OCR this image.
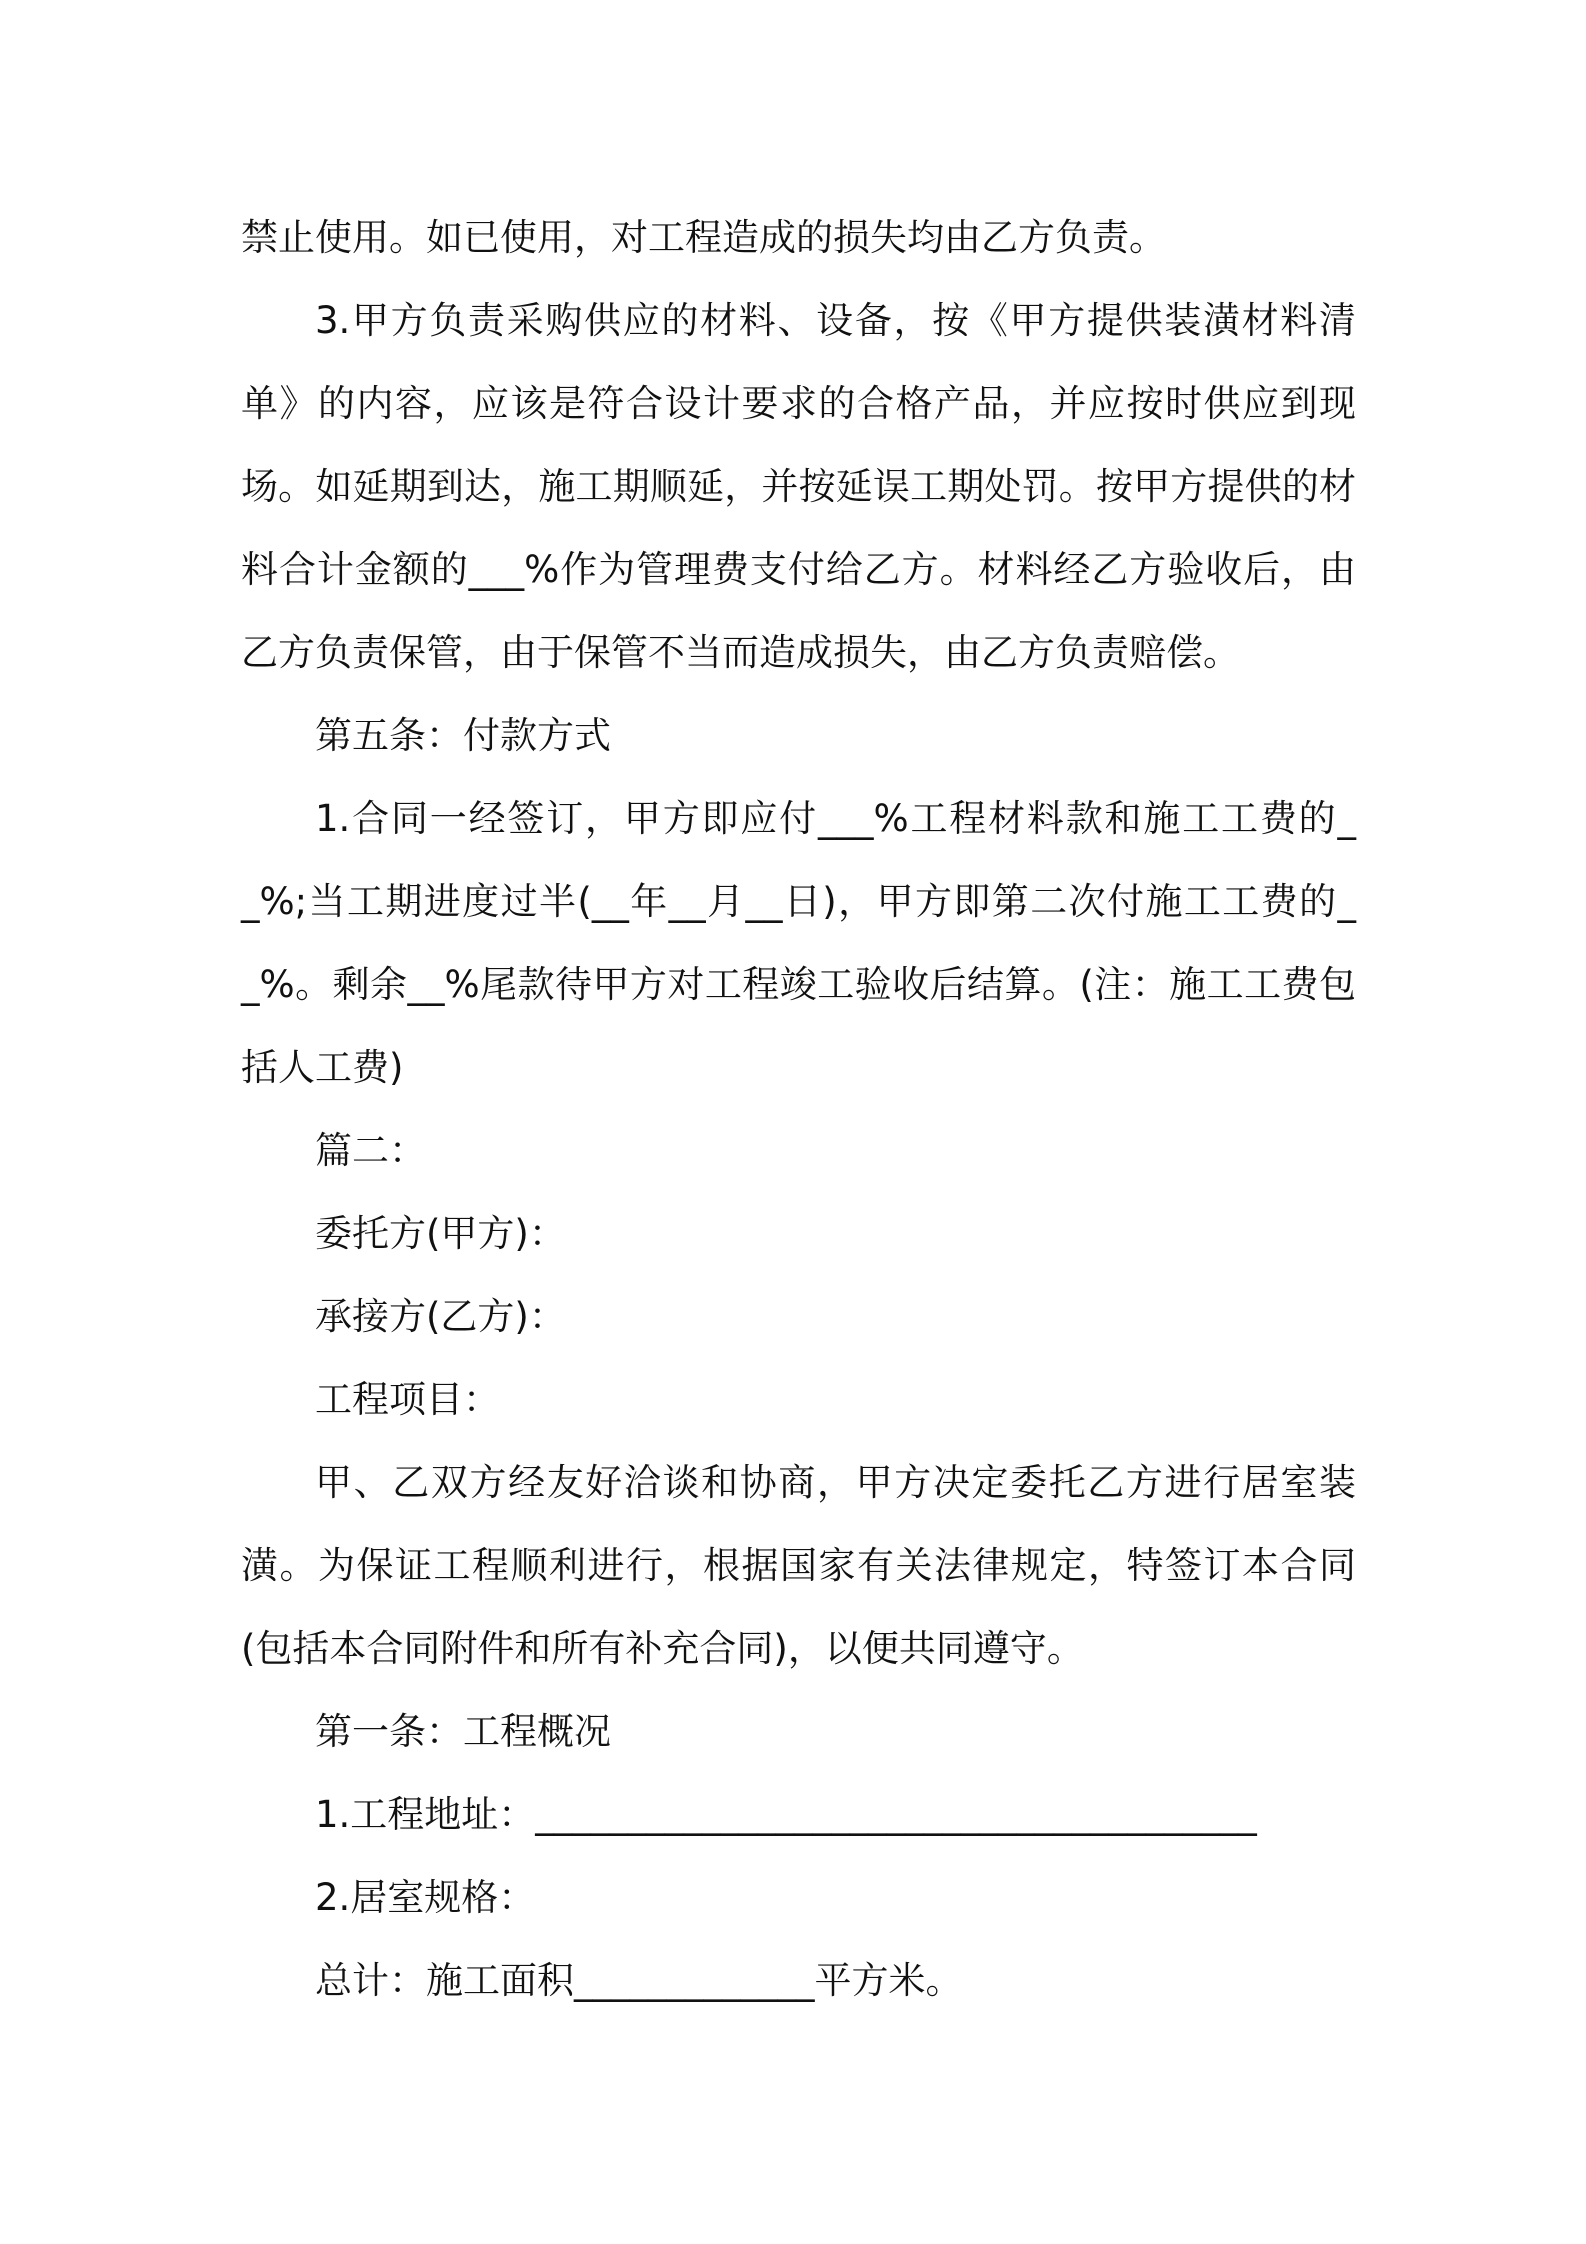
禁止使用。如已使用，对工程造成的损失均由乙方负责。

3.甲方负责采购供应的材料、设备，按《甲方提供装潢材料清单》的内容，应该是符合设计要求的合格产品，并应按时供应到现场。如延期到达，施工期顺延，并按延误工期处罚。按甲方提供的材料合计金额的___%作为管理费支付给乙方。材料经乙方验收后，由乙方负责保管，由于保管不当而造成损失，由乙方负责赔偿。

第五条：付款方式

1.合同一经签订，甲方即应付___%工程材料款和施工工费的__%;当工期进度过半(__年__月__日)，甲方即第二次付施工工费的__%。剩余__%尾款待甲方对工程竣工验收后结算。(注：施工工费包括人工费)

篇二：

委托方(甲方)：

承接方(乙方)：

工程项目：

甲、乙双方经友好洽谈和协商，甲方决定委托乙方进行居室装潢。为保证工程顺利进行，根据国家有关法律规定，特签订本合同(包括本合同附件和所有补充合同)，以便共同遵守。

第一条：工程概况

1.工程地址：_______________________________________

2.居室规格：

总计：施工面积_____________平方米。
